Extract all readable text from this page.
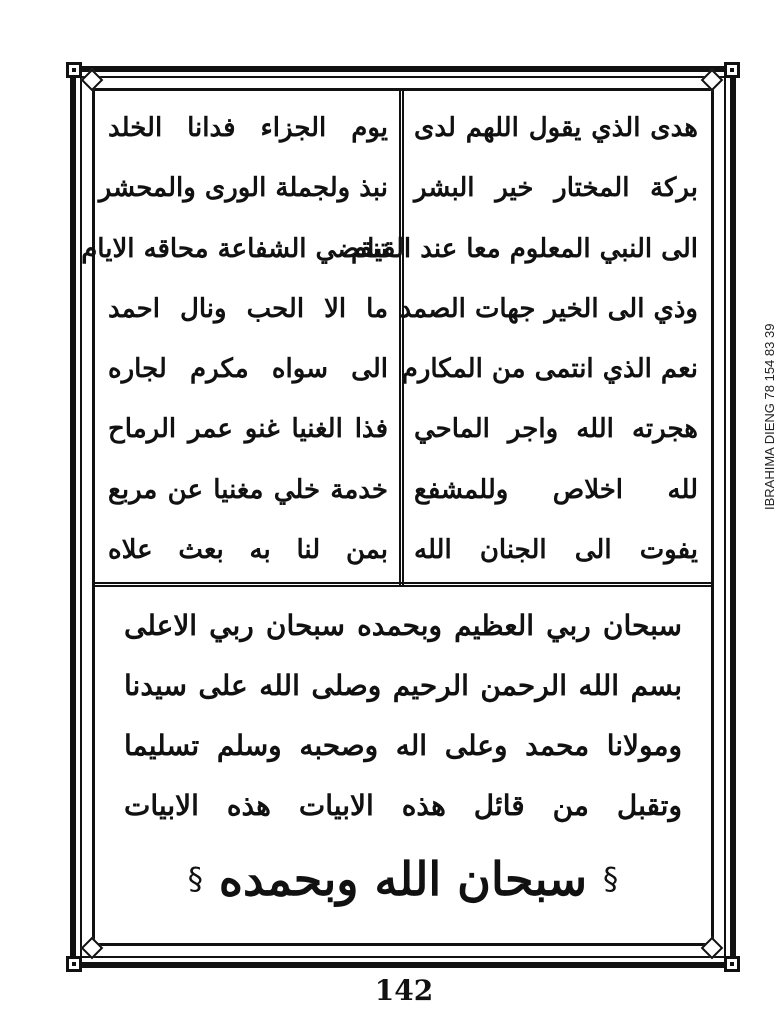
هدى الذي يقول اللهم لدى
بركة المختار خير البشر
الى النبي المعلوم معا عند القيام
وذي الى الخير جهات الصمد
نعم الذي انتمى من المكارم
هجرته الله واجر الماحي
لله اخلاص وللمشفع
يفوت الى الجنان الله
يوم الجزاء فدانا الخلد
نبذ ولجملة الورى والمحشر
تنقضي الشفاعة محاقه الايام
ما الا الحب ونال احمد
الى سواه مكرم لجاره
فذا الغنيا غنو عمر الرماح
خدمة خلي مغنيا عن مربع
بمن لنا به بعث علاه
سبحان ربي العظيم وبحمده سبحان ربي الاعلى
بسم الله الرحمن الرحيم وصلى الله على سيدنا
ومولانا محمد وعلى اله وصحبه وسلم تسليما
وتقبل من قائل هذه الابيات هذه الابيات
§
سبحان الله وبحمده
§
142
IBRAHIMA DIENG 78 154 83 39
